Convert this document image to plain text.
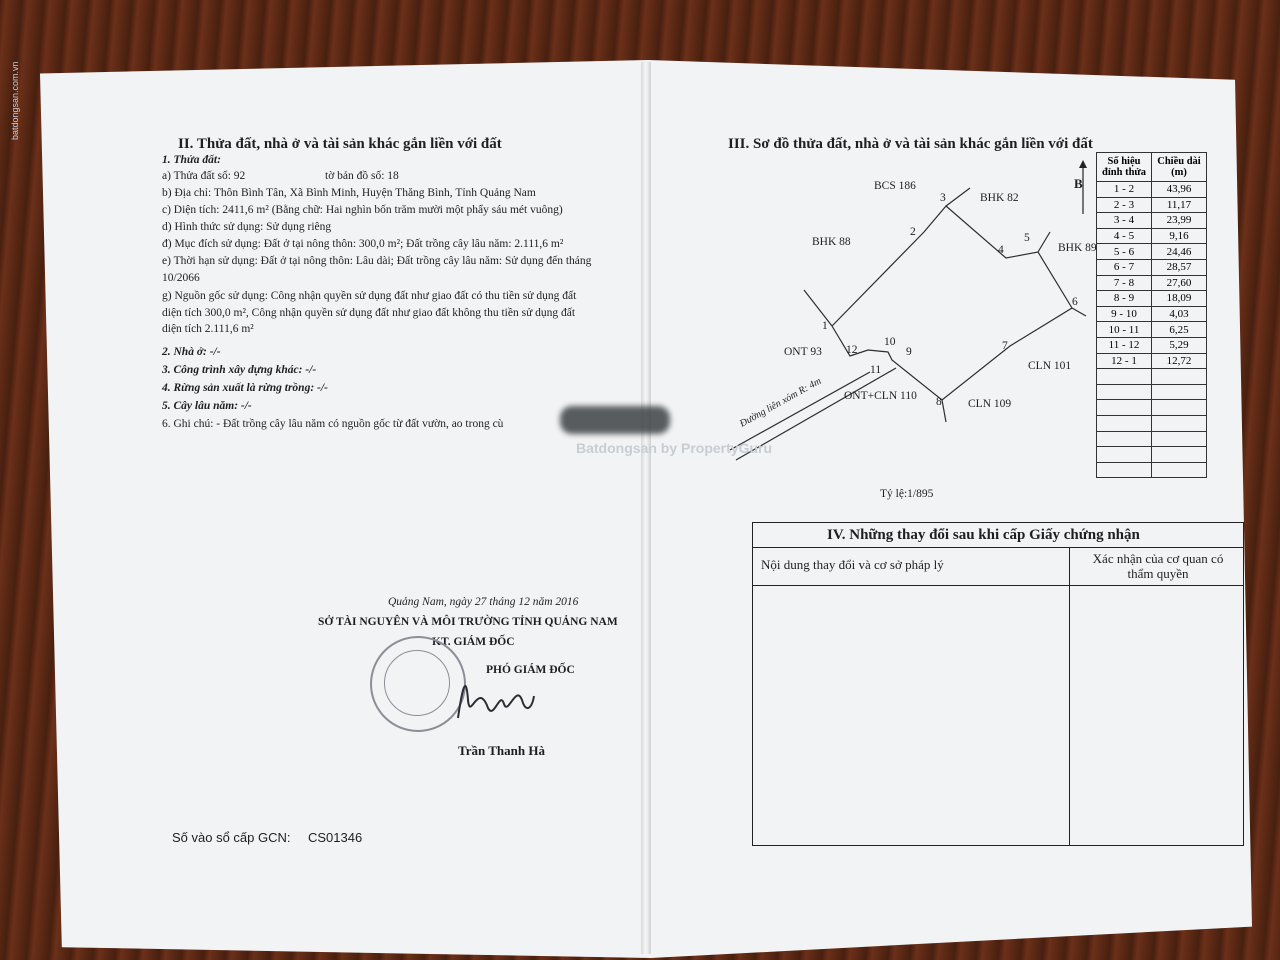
II. Thửa đất, nhà ở và tài sản khác gắn liền với đất
1. Thửa đất:
a) Thửa đất số: 92	tờ bản đồ số: 18
b) Địa chỉ: Thôn Bình Tân, Xã Bình Minh, Huyện Thăng Bình, Tỉnh Quảng Nam
c) Diện tích: 2411,6 m² (Bằng chữ: Hai nghìn bốn trăm mười một phẩy sáu mét vuông)
d) Hình thức sử dụng: Sử dụng riêng
đ) Mục đích sử dụng: Đất ở tại nông thôn: 300,0 m²; Đất trồng cây lâu năm: 2.111,6 m²
e) Thời hạn sử dụng: Đất ở tại nông thôn: Lâu dài; Đất trồng cây lâu năm: Sử dụng đến tháng
10/2066
g) Nguồn gốc sử dụng: Công nhận quyền sử dụng đất như giao đất có thu tiền sử dụng đất
diện tích 300,0 m², Công nhận quyền sử dụng đất như giao đất không thu tiền sử dụng đất
diện tích 2.111,6 m²
2. Nhà ở: -/-
3. Công trình xây dựng khác: -/-
4. Rừng sản xuất là rừng trồng: -/-
5. Cây lâu năm: -/-
6. Ghi chú: - Đất trồng cây lâu năm có nguồn gốc từ đất vườn, ao trong cù
Quảng Nam, ngày 27 tháng 12 năm 2016
SỞ TÀI NGUYÊN VÀ MÔI TRƯỜNG TỈNH QUẢNG NAM
KT. GIÁM ĐỐC
PHÓ GIÁM ĐỐC
Trần Thanh Hà
Số vào sổ cấp GCN: CS01346
III. Sơ đồ thửa đất, nhà ở và tài sản khác gắn liền với đất
BCS 186
BHK 82
BHK 88	BHK 89
ONT 93
ONT+CLN 110
CLN 101
CLN 109
1
2
3
4
5
6
7
8
9
10
11
12
Đường liên xóm R: 4m
B
Số hiệu đỉnh thửa	Chiều dài (m)
1 - 2	43,96
2 - 3	11,17
3 - 4	23,99
4 - 5	9,16
5 - 6	24,46
6 - 7	28,57
7 - 8	27,60
8 - 9	18,09
9 - 10	4,03
10 - 11	6,25
11 - 12	5,29
12 - 1	12,72

Tỷ lệ:1/895
IV. Những thay đổi sau khi cấp Giấy chứng nhận
Nội dung thay đổi và cơ sở pháp lý	Xác nhận của cơ quan có thẩm quyền
Batdongsan by PropertyGuru
batdongsan.com.vn
